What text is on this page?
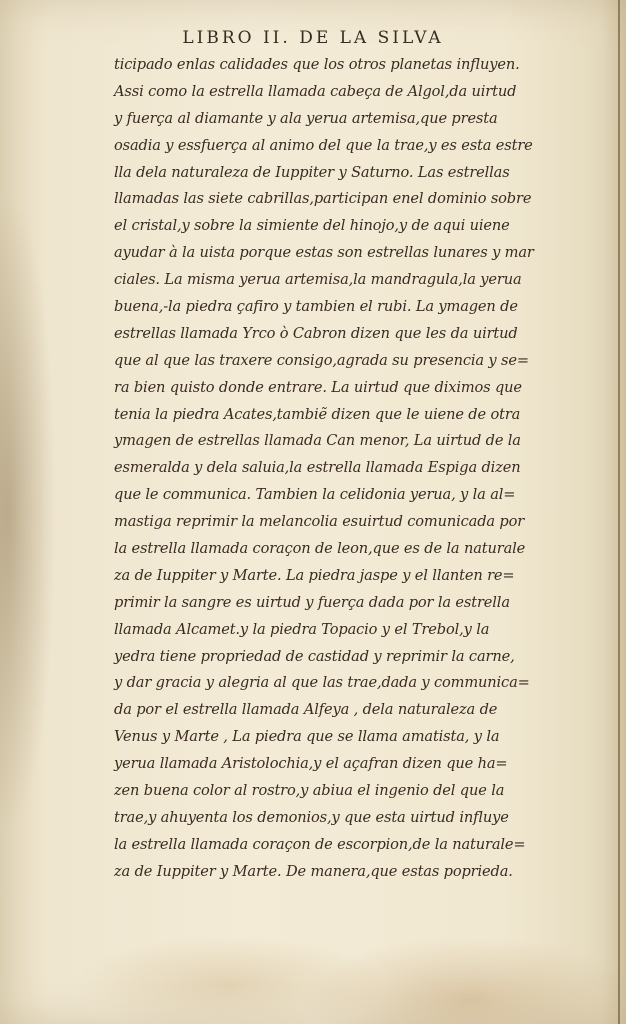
LIBRO II. DE LA SILVA
ticipado enlas calidades que los otros planetas influyen.
Assi como la estrella llamada cabeça de Algol,da uirtud
y fuerça al diamante y ala yerua artemisa,que presta
osadia y essfuerça al animo del que la trae,y es esta estre
lla dela naturaleza de Iuppiter y Saturno. Las estrellas
llamadas las siete cabrillas,participan enel dominio sobre
el cristal,y sobre la simiente del hinojo,y de aqui uiene
ayudar à la uista porque estas son estrellas lunares y mar
ciales. La misma yerua artemisa,la mandragula,la yerua
buena,-la piedra çafiro y tambien el rubi. La ymagen de
estrellas llamada Yrco ò Cabron dizen que les da uirtud
que al que las traxere consigo,agrada su presencia y se=
ra bien quisto donde entrare. La uirtud que diximos que
tenia la piedra Acates,tambiẽ dizen que le uiene de otra
ymagen de estrellas llamada Can menor, La uirtud de la
esmeralda y dela saluia,la estrella llamada Espiga dizen
que le communica. Tambien la celidonia yerua, y la al=
mastiga reprimir la melancolia esuirtud comunicada por
la estrella llamada coraçon de leon,que es de la naturale
za de Iuppiter y Marte. La piedra jaspe y el llanten re=
primir la sangre es uirtud y fuerça dada por la estrella
llamada Alcamet.y la piedra Topacio y el Trebol,y la
yedra tiene propriedad de castidad y reprimir la carne,
y dar gracia y alegria al que las trae,dada y communica=
da por el estrella llamada Alfeya , dela naturaleza de
Venus y Marte , La piedra que se llama amatista, y la
yerua llamada Aristolochia,y el açafran dizen que ha=
zen buena color al rostro,y abiua el ingenio del que la
trae,y ahuyenta los demonios,y que esta uirtud influye
la estrella llamada coraçon de escorpion,de la naturale=
za de Iuppiter y Marte. De manera,que estas poprieda.
